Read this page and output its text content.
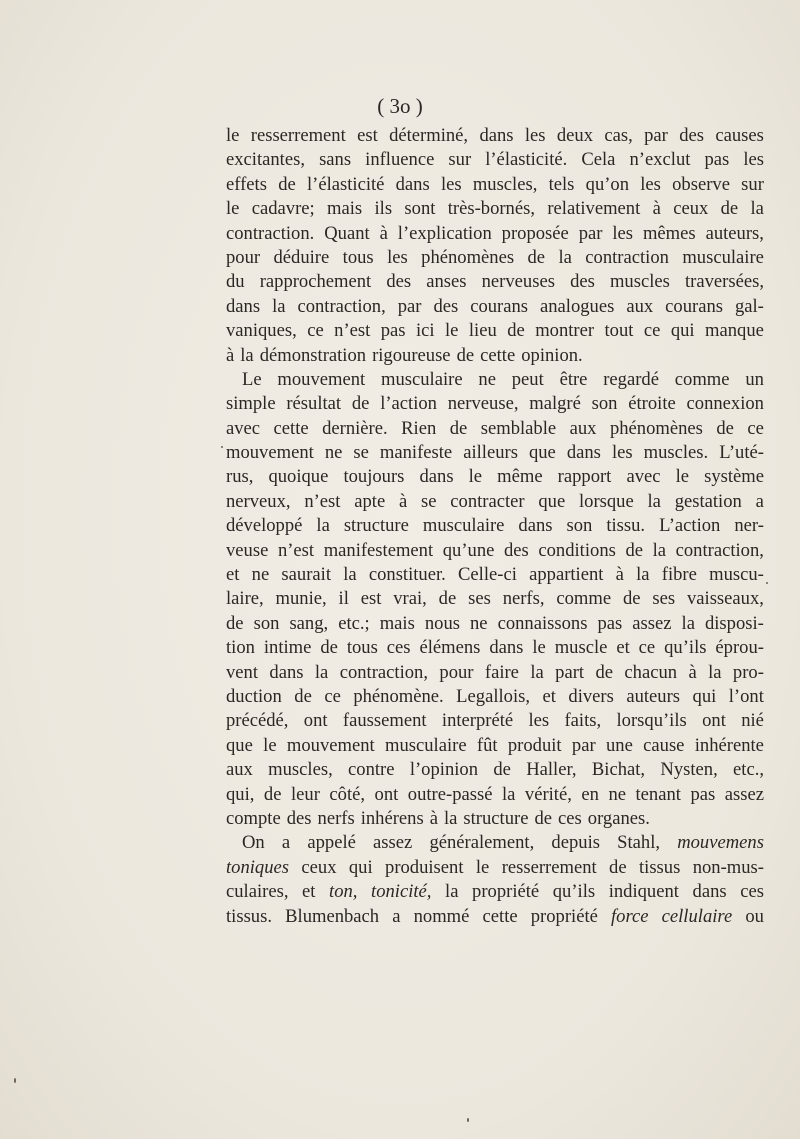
( 3o )
le resserrement est déterminé, dans les deux cas, par des causes
excitantes, sans influence sur l’élasticité. Cela n’exclut pas les
effets de l’élasticité dans les muscles, tels qu’on les observe sur
le cadavre; mais ils sont très-bornés, relativement à ceux de la
contraction. Quant à l’explication proposée par les mêmes auteurs,
pour déduire tous les phénomènes de la contraction musculaire
du rapprochement des anses nerveuses des muscles traversées,
dans la contraction, par des courans analogues aux courans gal-
vaniques, ce n’est pas ici le lieu de montrer tout ce qui manque
à la démonstration rigoureuse de cette opinion.
Le mouvement musculaire ne peut être regardé comme un
simple résultat de l’action nerveuse, malgré son étroite connexion
avec cette dernière. Rien de semblable aux phénomènes de ce
mouvement ne se manifeste ailleurs que dans les muscles. L’uté-
rus, quoique toujours dans le même rapport avec le système
nerveux, n’est apte à se contracter que lorsque la gestation a
développé la structure musculaire dans son tissu. L’action ner-
veuse n’est manifestement qu’une des conditions de la contraction,
et ne saurait la constituer. Celle-ci appartient à la fibre muscu-
laire, munie, il est vrai, de ses nerfs, comme de ses vaisseaux,
de son sang, etc.; mais nous ne connaissons pas assez la disposi-
tion intime de tous ces élémens dans le muscle et ce qu’ils éprou-
vent dans la contraction, pour faire la part de chacun à la pro-
duction de ce phénomène. Legallois, et divers auteurs qui l’ont
précédé, ont faussement interprété les faits, lorsqu’ils ont nié
que le mouvement musculaire fût produit par une cause inhérente
aux muscles, contre l’opinion de Haller, Bichat, Nysten, etc.,
qui, de leur côté, ont outre-passé la vérité, en ne tenant pas assez
compte des nerfs inhérens à la structure de ces organes.
On a appelé assez généralement, depuis Stahl, mouvemens
toniques ceux qui produisent le resserrement de tissus non-mus-
culaires, et ton, tonicité, la propriété qu’ils indiquent dans ces
tissus. Blumenbach a nommé cette propriété force cellulaire ou
